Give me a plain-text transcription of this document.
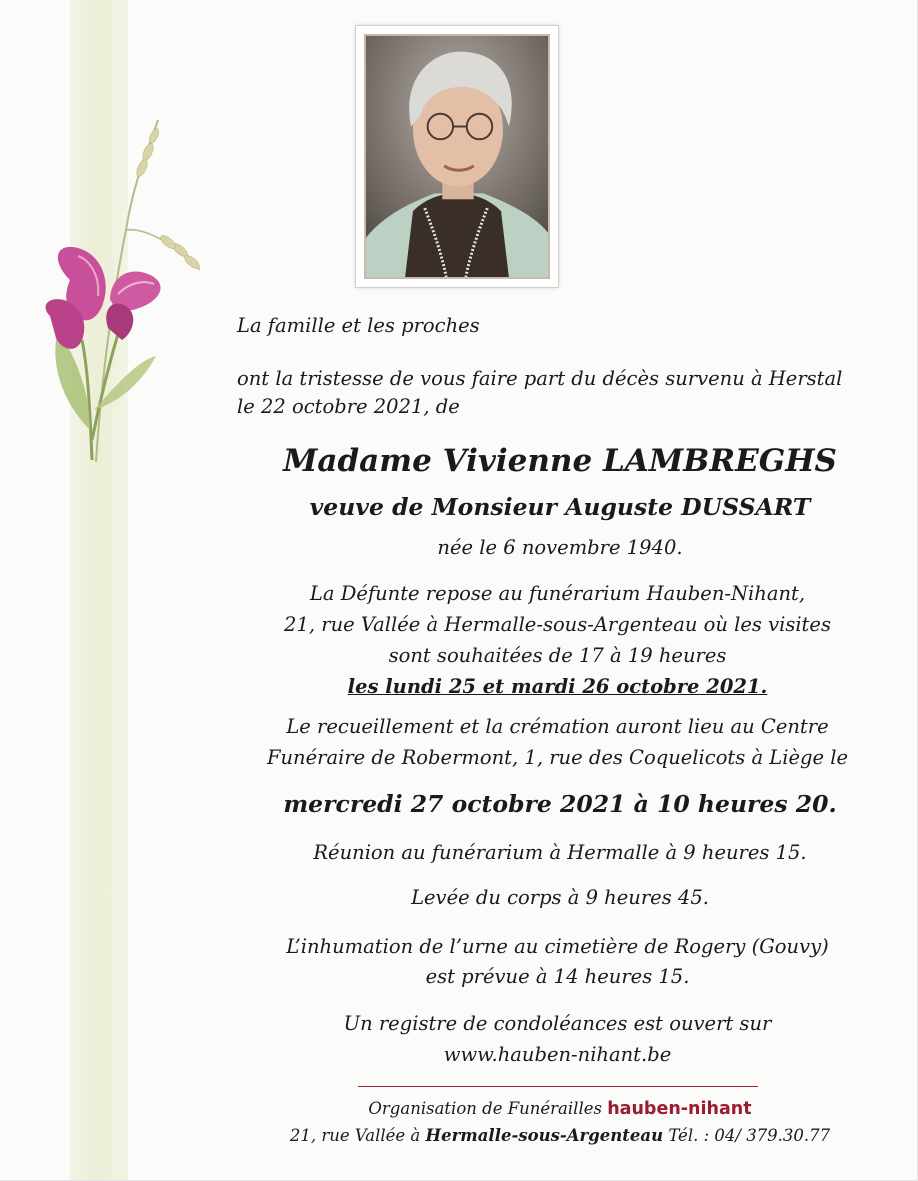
La famille et les proches
ont la tristesse de vous faire part du décès survenu à Herstal
le 22 octobre 2021, de
Madame Vivienne LAMBREGHS
veuve de Monsieur Auguste DUSSART
née le 6 novembre 1940.
La Défunte repose au funérarium Hauben-Nihant,
21, rue Vallée à Hermalle-sous-Argenteau où les visites
sont souhaitées de 17 à 19 heures
les lundi 25 et mardi 26 octobre 2021.
Le recueillement et la crémation auront lieu au Centre
Funéraire de Robermont, 1, rue des Coquelicots à Liège le
mercredi 27 octobre 2021 à 10 heures 20.
Réunion au funérarium à Hermalle à 9 heures 15.
Levée du corps à 9 heures 45.
L’inhumation de l’urne au cimetière de Rogery (Gouvy)
est prévue à 14 heures 15.
Un registre de condoléances est ouvert sur
www.hauben-nihant.be
Organisation de Funérailles hauben-nihant
21, rue Vallée à Hermalle-sous-Argenteau Tél. : 04/ 379.30.77
